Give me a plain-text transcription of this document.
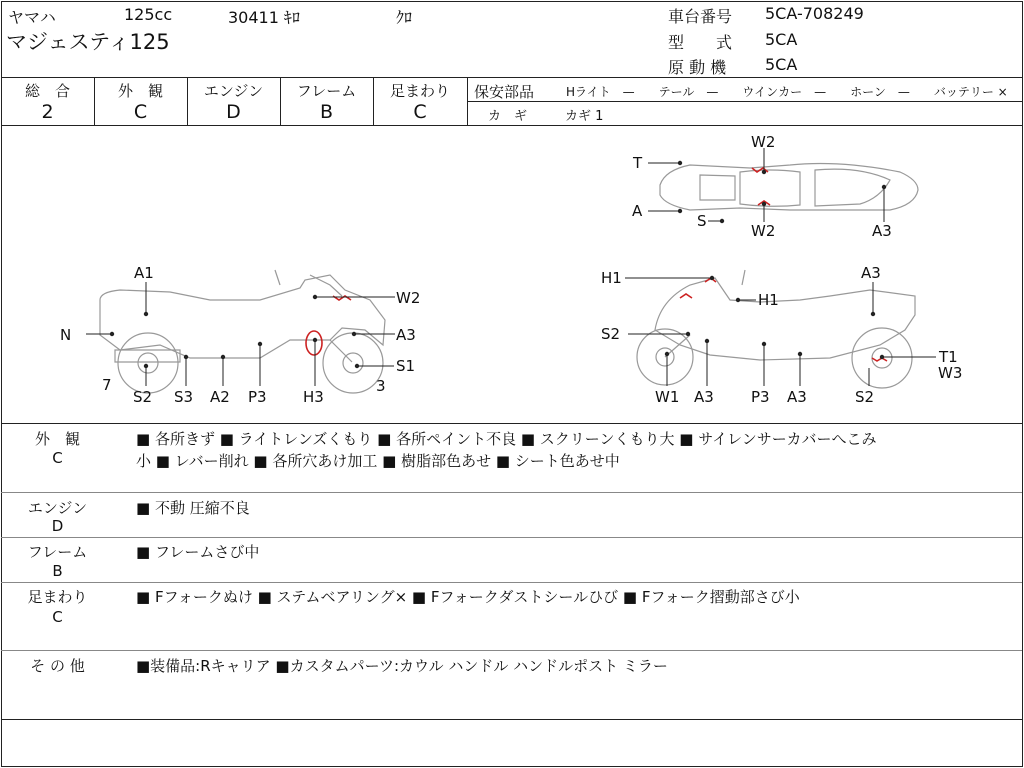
ヤマハ	125cc	30411 ｷﾛ	ｸﾛ
マジェスティ125
車台番号 5CA-708249
型　　式 5CA
原 動 機 5CA
総　合
2
外　観
C
エンジン
D
フレーム
B
足まわり
C
保安部品	Hライト　—　　テール　—　　ウインカー　—　　ホーン　—　　バッテリー ×
カ　ギ	カギ 1
A1
N
W2
A3
S1
7	3
S2 S3 A2 P3 H3
H1
H1
S2
W1 A3 P3 A3
A3
T1
W3
S2
T
A
S
W2
W2	A3
外　観
C
■ 各所きず ■ ライトレンズくもり ■ 各所ペイント不良 ■ スクリーンくもり大 ■ サイレンサーカバーへこみ
小 ■ レバー削れ ■ 各所穴あけ加工 ■ 樹脂部色あせ ■ シート色あせ中
エンジン
D
■ 不動 圧縮不良
フレーム
B
■ フレームさび中
足まわり
C
■ Fフォークぬけ ■ ステムベアリング× ■ Fフォークダストシールひび ■ Fフォーク摺動部さび小
そ の 他	■装備品:Rキャリア ■カスタムパーツ:カウル ハンドル ハンドルポスト ミラー
